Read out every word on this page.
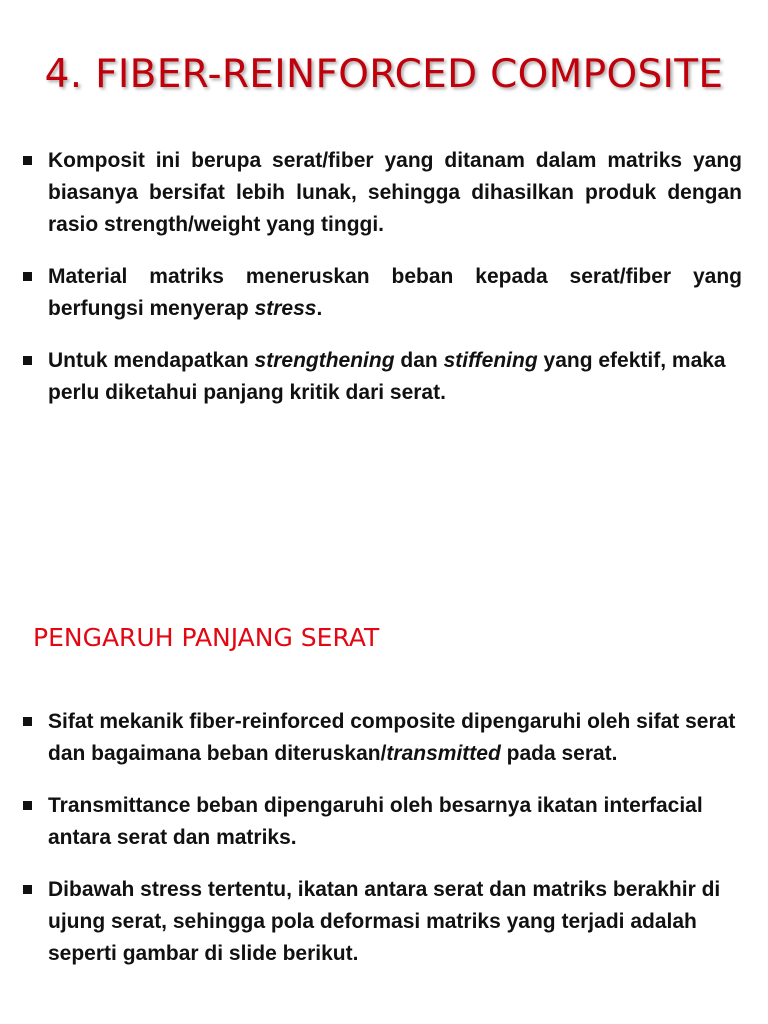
4. FIBER-REINFORCED COMPOSITE
Komposit ini berupa serat/fiber yang ditanam dalam matriks yang biasanya bersifat lebih lunak, sehingga dihasilkan produk dengan rasio strength/weight yang tinggi.
Material matriks meneruskan beban kepada serat/fiber yang berfungsi menyerap stress.
Untuk mendapatkan strengthening dan stiffening yang efektif, maka perlu diketahui panjang kritik dari serat.
PENGARUH PANJANG SERAT
Sifat mekanik fiber-reinforced composite dipengaruhi oleh sifat serat dan bagaimana beban diteruskan/transmitted pada serat.
Transmittance beban dipengaruhi oleh besarnya ikatan interfacial antara serat dan matriks.
Dibawah stress tertentu, ikatan antara serat dan matriks berakhir di ujung serat, sehingga pola deformasi matriks yang terjadi adalah seperti gambar di slide berikut.
